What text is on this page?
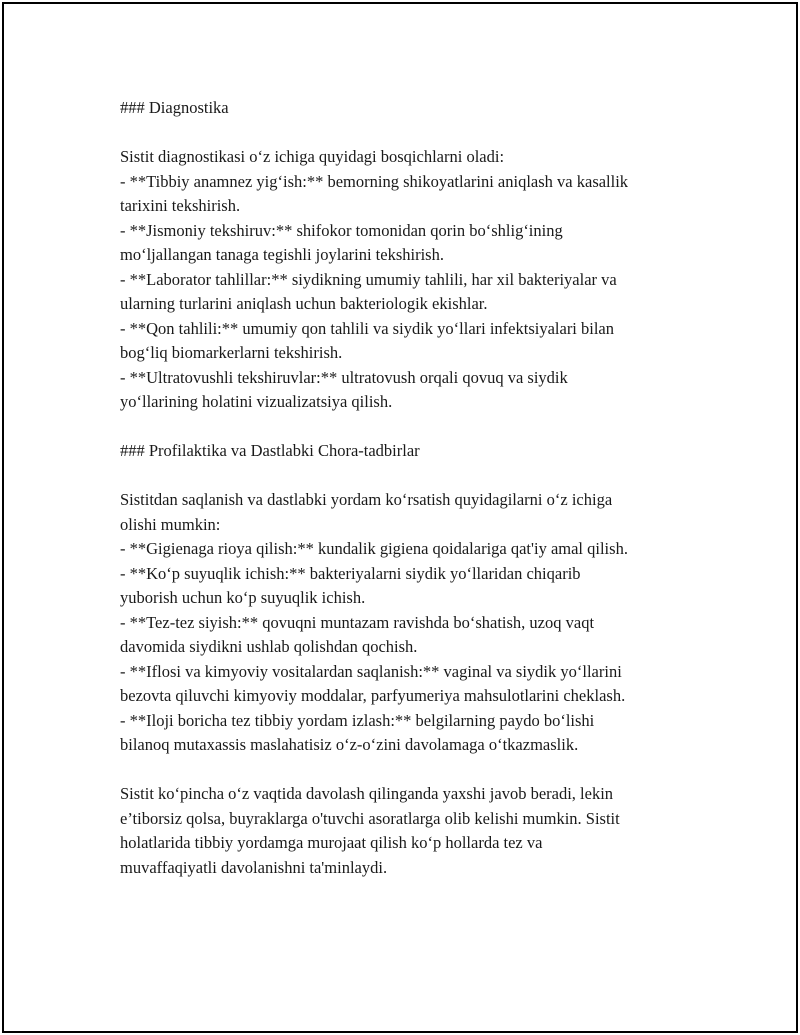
### Diagnostika
Sistit diagnostikasi o‘z ichiga quyidagi bosqichlarni oladi:
- **Tibbiy anamnez yig‘ish:** bemorning shikoyatlarini aniqlash va kasallik
tarixini tekshirish.
- **Jismoniy tekshiruv:** shifokor tomonidan qorin bo‘shlig‘ining
mo‘ljallangan tanaga tegishli joylarini tekshirish.
- **Laborator tahlillar:** siydikning umumiy tahlili, har xil bakteriyalar va
ularning turlarini aniqlash uchun bakteriologik ekishlar.
- **Qon tahlili:** umumiy qon tahlili va siydik yo‘llari infektsiyalari bilan
bog‘liq biomarkerlarni tekshirish.
- **Ultratovushli tekshiruvlar:** ultratovush orqali qovuq va siydik
yo‘llarining holatini vizualizatsiya qilish.
### Profilaktika va Dastlabki Chora-tadbirlar
Sistitdan saqlanish va dastlabki yordam ko‘rsatish quyidagilarni o‘z ichiga
olishi mumkin:
- **Gigienaga rioya qilish:** kundalik gigiena qoidalariga qat'iy amal qilish.
- **Ko‘p suyuqlik ichish:** bakteriyalarni siydik yo‘llaridan chiqarib
yuborish uchun ko‘p suyuqlik ichish.
- **Tez-tez siyish:** qovuqni muntazam ravishda bo‘shatish, uzoq vaqt
davomida siydikni ushlab qolishdan qochish.
- **Iflosi va kimyoviy vositalardan saqlanish:** vaginal va siydik yo‘llarini
bezovta qiluvchi kimyoviy moddalar, parfyumeriya mahsulotlarini cheklash.
- **Iloji boricha tez tibbiy yordam izlash:** belgilarning paydo bo‘lishi
bilanoq mutaxassis maslahatisiz o‘z-o‘zini davolamaga o‘tkazmaslik.
Sistit ko‘pincha o‘z vaqtida davolash qilinganda yaxshi javob beradi, lekin
e’tiborsiz qolsa, buyraklarga o'tuvchi asoratlarga olib kelishi mumkin. Sistit
holatlarida tibbiy yordamga murojaat qilish ko‘p hollarda tez va
muvaffaqiyatli davolanishni ta'minlaydi.
